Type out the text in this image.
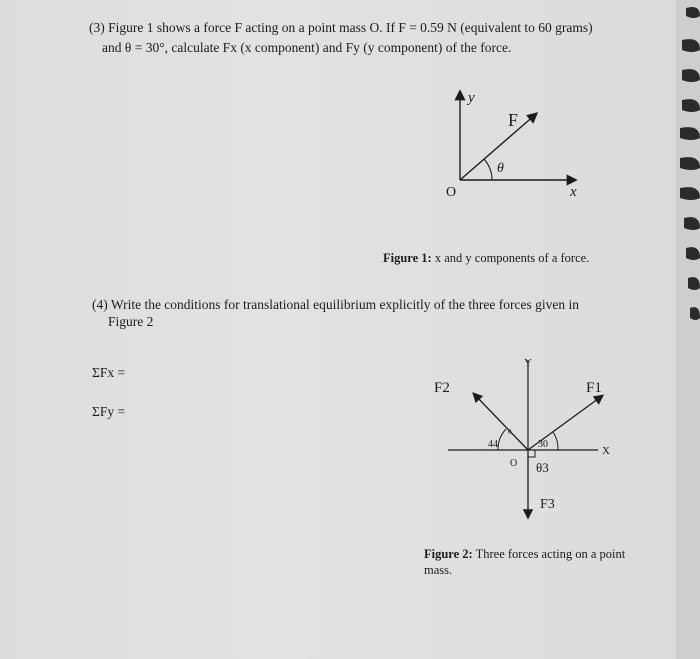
(3) Figure 1 shows a force F acting on a point mass O. If F = 0.59 N (equivalent to 60 grams)
and θ = 30°, calculate Fx (x component) and Fy (y component) of the force.
y
F
θ
O	x
Figure 1: x and y components of a force.
(4) Write the conditions for translational equilibrium explicitly of the three forces given in
Figure 2
ΣFx =
ΣFy =
Y
F2	F1
0
44	30
X
O θ3
F3
Figure 2: Three forces acting on a point mass.
